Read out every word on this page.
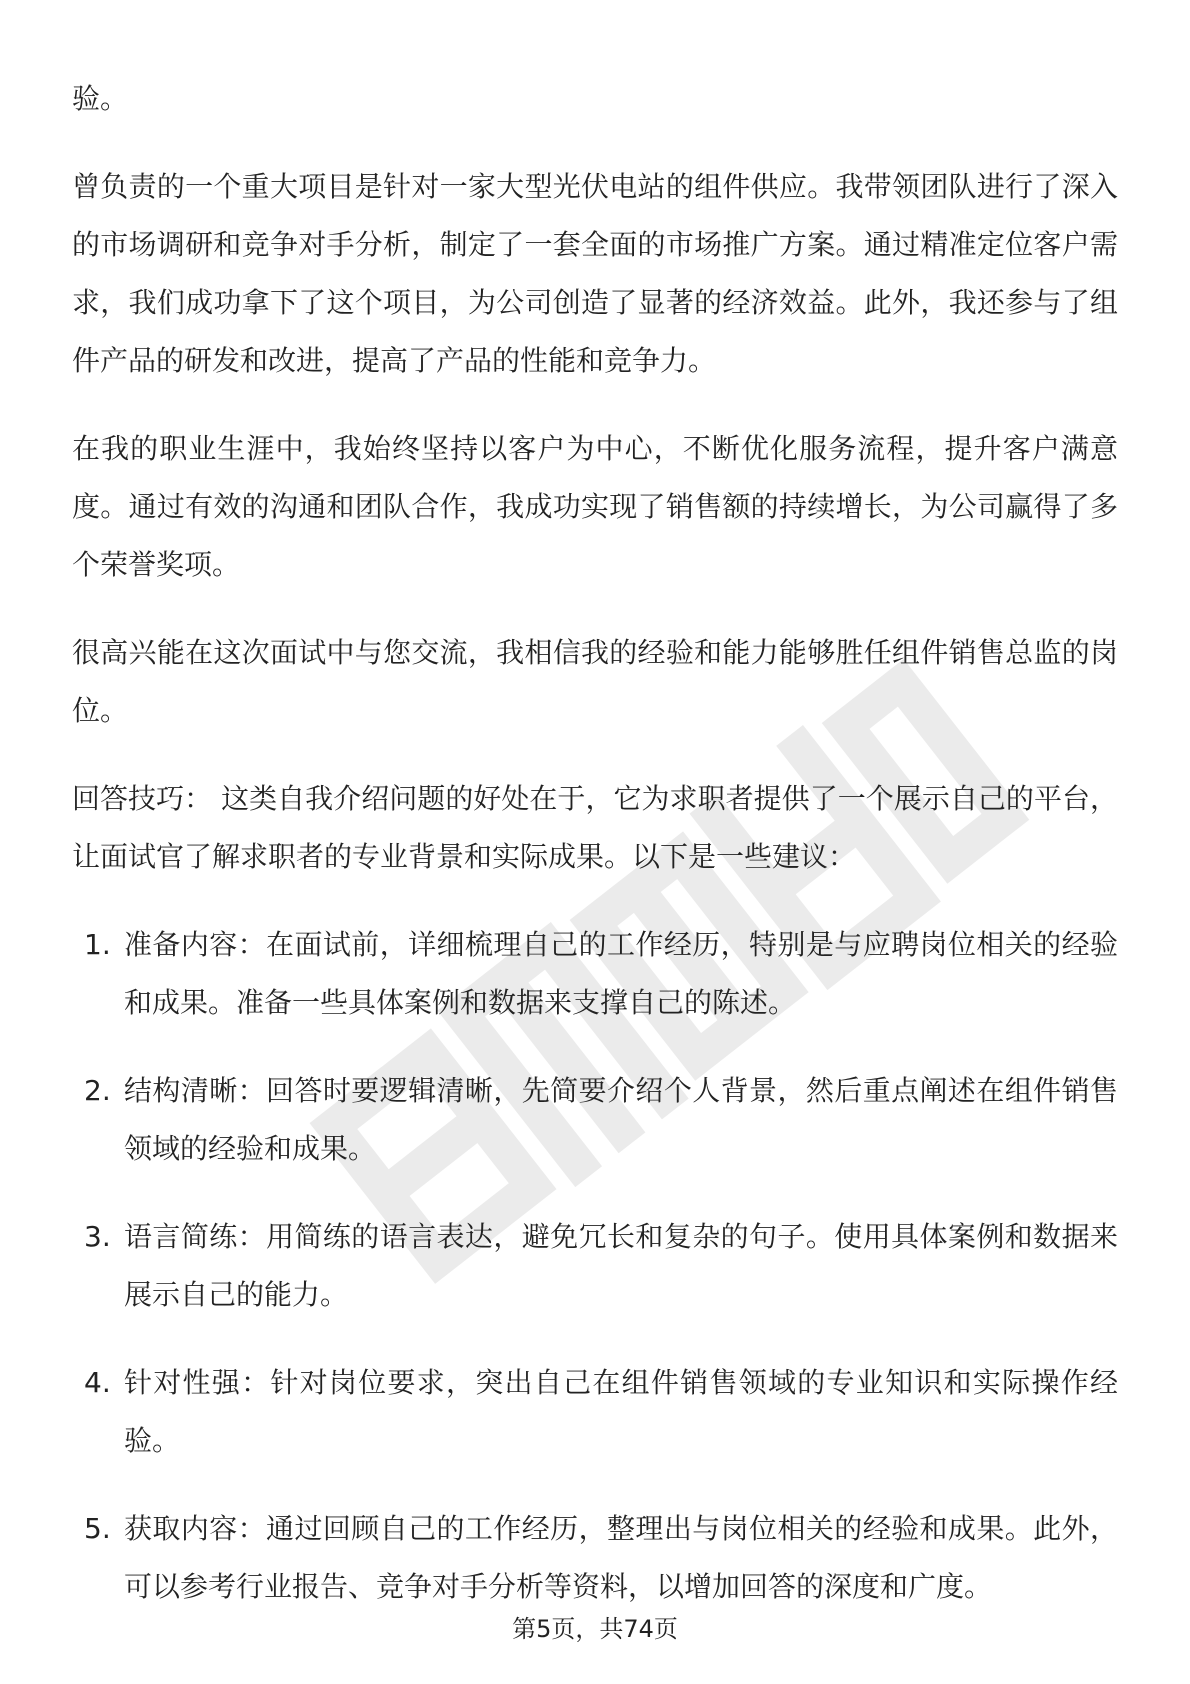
验。

曾负责的一个重大项目是针对一家大型光伏电站的组件供应。我带领团队进行了深入的市场调研和竞争对手分析，制定了一套全面的市场推广方案。通过精准定位客户需求，我们成功拿下了这个项目，为公司创造了显著的经济效益。此外，我还参与了组件产品的研发和改进，提高了产品的性能和竞争力。

在我的职业生涯中，我始终坚持以客户为中心，不断优化服务流程，提升客户满意度。通过有效的沟通和团队合作，我成功实现了销售额的持续增长，为公司赢得了多个荣誉奖项。

很高兴能在这次面试中与您交流，我相信我的经验和能力能够胜任组件销售总监的岗位。

回答技巧： 这类自我介绍问题的好处在于，它为求职者提供了一个展示自己的平台，让面试官了解求职者的专业背景和实际成果。以下是一些建议：

1. 准备内容：在面试前，详细梳理自己的工作经历，特别是与应聘岗位相关的经验和成果。准备一些具体案例和数据来支撑自己的陈述。
2. 结构清晰：回答时要逻辑清晰，先简要介绍个人背景，然后重点阐述在组件销售领域的经验和成果。
3. 语言简练：用简练的语言表达，避免冗长和复杂的句子。使用具体案例和数据来展示自己的能力。
4. 针对性强：针对岗位要求，突出自己在组件销售领域的专业知识和实际操作经验。
5. 获取内容：通过回顾自己的工作经历，整理出与岗位相关的经验和成果。此外，可以参考行业报告、竞争对手分析等资料，以增加回答的深度和广度。
第5页，共74页
